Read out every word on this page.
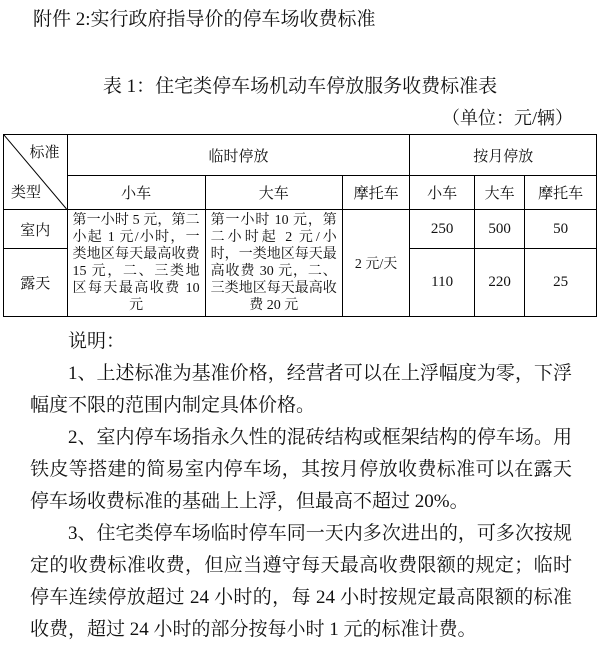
附件 2:实行政府指导价的停车场收费标准
表 1：住宅类停车场机动车停放服务收费标准表
（单位：元/辆）
标准
类型	临时停放			按月停放		
	小车	大车	摩托车	小车	大车	摩托车
室内	第一小时 5 元，第二小起 1 元/小时，一类地区每天最高收费 15 元，二、三类地区每天最高收费 10 元	第一小时 10 元，第二小时起 2 元/小时，一类地区每天最高收费 30 元，二、三类地区每天最高收费 20 元	2 元/天	250	500	50
露天				110	220	25

说明：

1、上述标准为基准价格，经营者可以在上浮幅度为零，下浮幅度不限的范围内制定具体价格。

2、室内停车场指永久性的混砖结构或框架结构的停车场。用铁皮等搭建的简易室内停车场，其按月停放收费标准可以在露天停车场收费标准的基础上上浮，但最高不超过 20%。

3、住宅类停车场临时停车同一天内多次进出的，可多次按规定的收费标准收费，但应当遵守每天最高收费限额的规定；临时停车连续停放超过 24 小时的，每 24 小时按规定最高限额的标准收费，超过 24 小时的部分按每小时 1 元的标准计费。
